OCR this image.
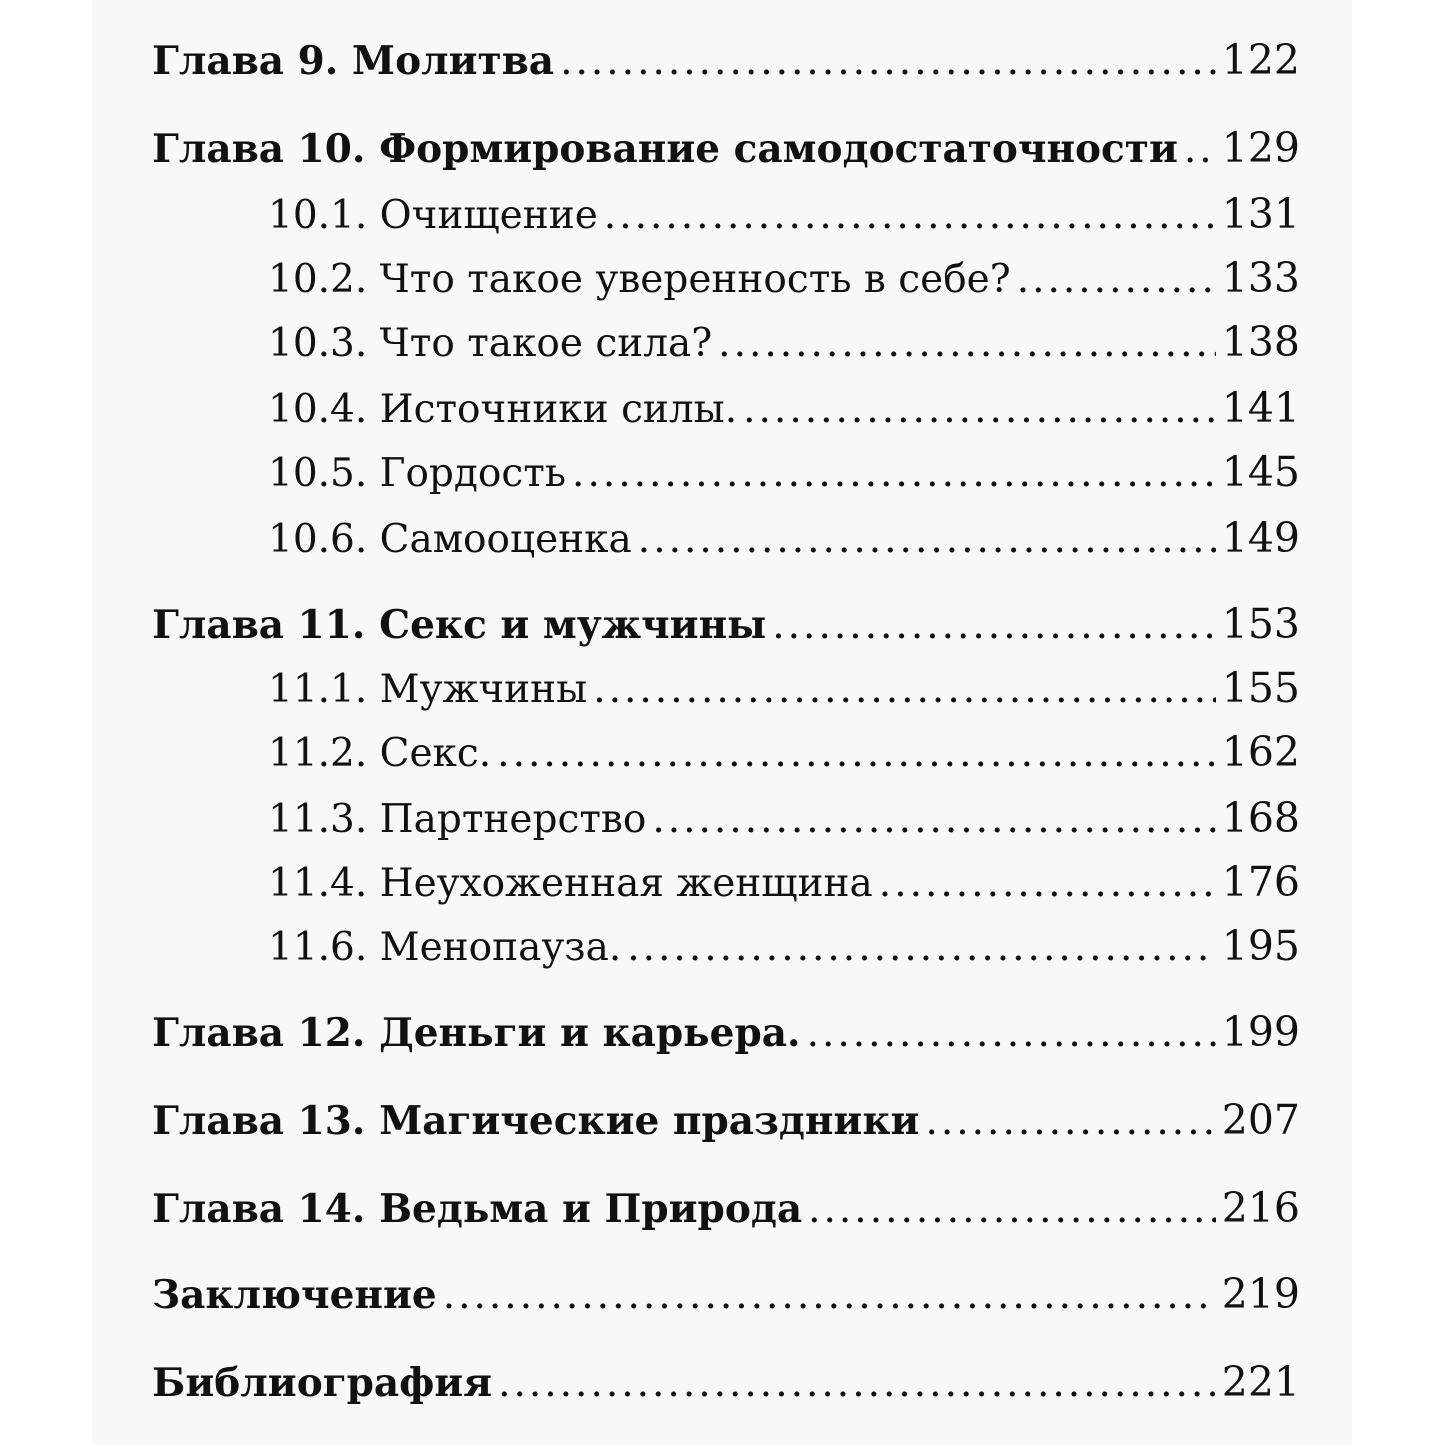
Глава 9. Молитва .....	122
Глава 10. Формирование самодостаточности ..... 129
10.1. Очищение .....	131
10.2. Что такое уверенность в себе? .....	133
10.3. Что такое сила? .....	138
10.4. Источники силы. .....	141
10.5. Гордость .....	145
10.6. Самооценка .....	149
Глава 11. Секс и мужчины .....	153
11.1. Мужчины .....	155
11.2. Секс. .....	162
11.3. Партнерство .....	168
11.4. Неухоженная женщина .....	176
11.6. Менопауза. .....	195
Глава 12. Деньги и карьера. .....	199
Глава 13. Магические праздники .....	207
Глава 14. Ведьма и Природа .....	216
Заключение .....	219
Библиография .....	221
